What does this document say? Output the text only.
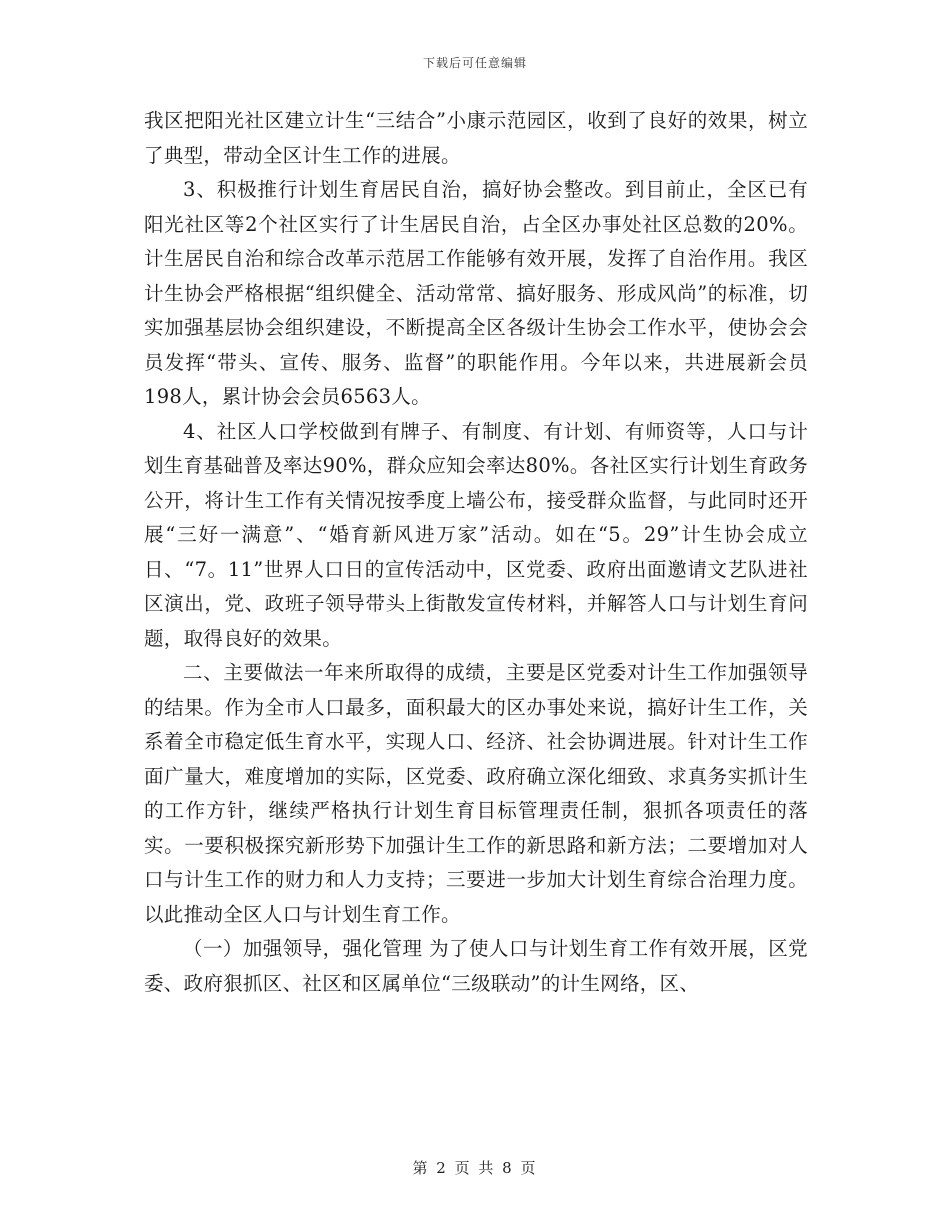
下载后可任意编辑

我区把阳光社区建立计生“三结合”小康示范园区，收到了良好的效果，树立了典型，带动全区计生工作的进展。

3、积极推行计划生育居民自治，搞好协会整改。到目前止，全区已有阳光社区等2个社区实行了计生居民自治，占全区办事处社区总数的20%。计生居民自治和综合改革示范居工作能够有效开展，发挥了自治作用。我区计生协会严格根据“组织健全、活动常常、搞好服务、形成风尚”的标准，切实加强基层协会组织建设，不断提高全区各级计生协会工作水平，使协会会员发挥“带头、宣传、服务、监督”的职能作用。今年以来，共进展新会员198人，累计协会会员6563人。

4、社区人口学校做到有牌子、有制度、有计划、有师资等，人口与计划生育基础普及率达90%，群众应知会率达80%。各社区实行计划生育政务公开，将计生工作有关情况按季度上墙公布，接受群众监督，与此同时还开展“三好一满意”、“婚育新风进万家”活动。如在“5。29”计生协会成立日、“7。11”世界人口日的宣传活动中，区党委、政府出面邀请文艺队进社区演出，党、政班子领导带头上街散发宣传材料，并解答人口与计划生育问题，取得良好的效果。

二、主要做法一年来所取得的成绩，主要是区党委对计生工作加强领导的结果。作为全市人口最多，面积最大的区办事处来说，搞好计生工作，关系着全市稳定低生育水平，实现人口、经济、社会协调进展。针对计生工作面广量大，难度增加的实际，区党委、政府确立深化细致、求真务实抓计生的工作方针，继续严格执行计划生育目标管理责任制，狠抓各项责任的落实。一要积极探究新形势下加强计生工作的新思路和新方法；二要增加对人口与计生工作的财力和人力支持；三要进一步加大计划生育综合治理力度。以此推动全区人口与计划生育工作。

（一）加强领导，强化管理 为了使人口与计划生育工作有效开展，区党委、政府狠抓区、社区和区属单位“三级联动”的计生网络，区、

第 2 页 共 8 页
